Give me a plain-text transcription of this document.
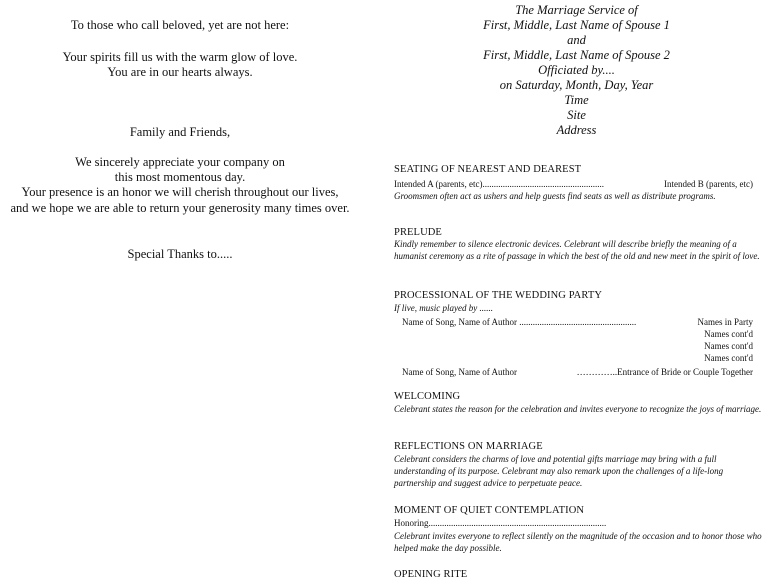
To those who call beloved, yet are not here:
Your spirits fill us with the warm glow of love.
You are in our hearts always.
Family and Friends,
We sincerely appreciate your company on
this most momentous day.
Your presence is an honor we will cherish throughout our lives,
and we hope we are able to return your generosity many times over.
Special Thanks to.....
The Marriage Service of
First, Middle, Last Name of Spouse 1
and
First, Middle, Last Name of Spouse 2
Officiated by....
on Saturday, Month, Day, Year
Time
Site
Address
SEATING OF NEAREST AND DEAREST
Intended A (parents, etc)......................................................	Intended B (parents, etc)
Groomsmen often act as ushers and help guests find seats as well as distribute programs.
PRELUDE
Kindly remember to silence electronic devices. Celebrant will describe briefly the meaning of a humanist ceremony as a rite of passage in which the best of the old and new meet in the spirit of love.
PROCESSIONAL OF THE WEDDING PARTY
If live, music played by ......
Name of Song, Name of Author ....................................................	Names in Party
Names cont'd
Names cont'd
Names cont'd
Name of Song, Name of Author	…………..Entrance of Bride or Couple Together
WELCOMING
Celebrant states the reason for the celebration and invites everyone to recognize the joys of marriage.
REFLECTIONS ON MARRIAGE
Celebrant considers the charms of love and potential gifts marriage may bring with a full understanding of its purpose. Celebrant may also remark upon the challenges of a life-long partnership and suggest advice to perpetuate peace.
MOMENT OF QUIET CONTEMPLATION
Honoring...............................................................................
Celebrant invites everyone to reflect silently on the magnitude of the occasion and to honor those who helped make the day possible.
OPENING RITE
